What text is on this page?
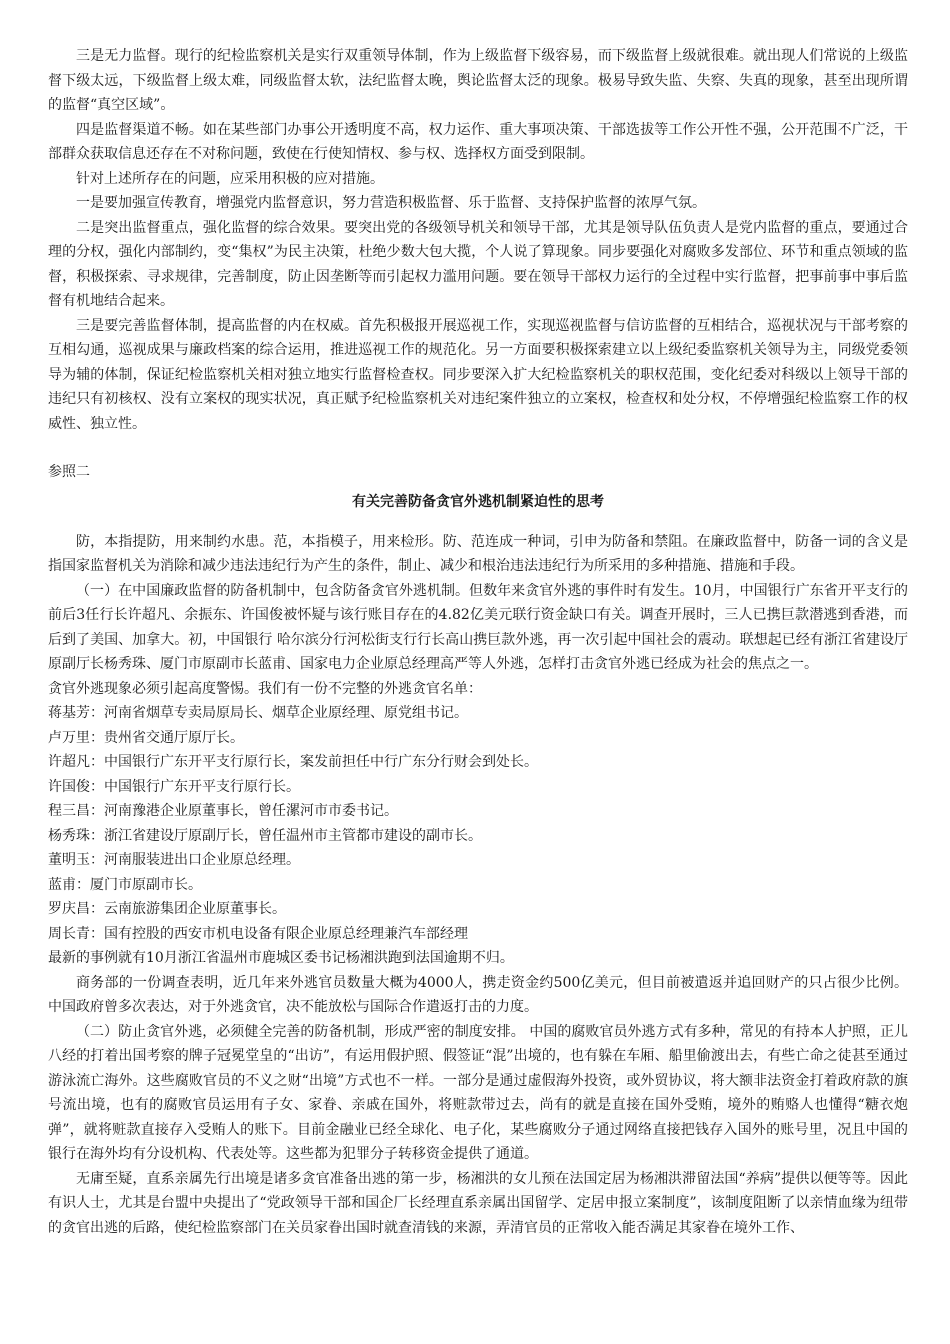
三是无力监督。现行的纪检监察机关是实行双重领导体制，作为上级监督下级容易，而下级监督上级就很难。就出现人们常说的上级监督下级太远，下级监督上级太难，同级监督太软，法纪监督太晚，舆论监督太泛的现象。极易导致失监、失察、失真的现象，甚至出现所谓的监督“真空区域”。

四是监督渠道不畅。如在某些部门办事公开透明度不高，权力运作、重大事项决策、干部选拔等工作公开性不强，公开范围不广泛，干部群众获取信息还存在不对称问题，致使在行使知情权、参与权、选择权方面受到限制。

针对上述所存在的问题，应采用积极的应对措施。

一是要加强宣传教育，增强党内监督意识，努力营造积极监督、乐于监督、支持保护监督的浓厚气氛。

二是突出监督重点，强化监督的综合效果。要突出党的各级领导机关和领导干部，尤其是领导队伍负责人是党内监督的重点，要通过合理的分权，强化内部制约，变“集权”为民主决策，杜绝少数大包大揽，个人说了算现象。同步要强化对腐败多发部位、环节和重点领域的监督，积极探索、寻求规律，完善制度，防止因垄断等而引起权力滥用问题。要在领导干部权力运行的全过程中实行监督，把事前事中事后监督有机地结合起来。

三是要完善监督体制，提高监督的内在权威。首先积极报开展巡视工作，实现巡视监督与信访监督的互相结合，巡视状况与干部考察的互相勾通，巡视成果与廉政档案的综合运用，推进巡视工作的规范化。另一方面要积极探索建立以上级纪委监察机关领导为主，同级党委领导为辅的体制，保证纪检监察机关相对独立地实行监督检查权。同步要深入扩大纪检监察机关的职权范围，变化纪委对科级以上领导干部的违纪只有初核权、没有立案权的现实状况，真正赋予纪检监察机关对违纪案件独立的立案权，检查权和处分权，不停增强纪检监察工作的权威性、独立性。

参照二

有关完善防备贪官外逃机制紧迫性的思考

防，本指提防，用来制约水患。范，本指模子，用来检形。防、范连成一种词，引申为防备和禁阻。在廉政监督中，防备一词的含义是指国家监督机关为消除和减少违法违纪行为产生的条件，制止、减少和根治违法违纪行为所采用的多种措施、措施和手段。

（一）在中国廉政监督的防备机制中，包含防备贪官外逃机制。但数年来贪官外逃的事件时有发生。10月，中国银行广东省开平支行的前后3任行长许超凡、余振东、许国俊被怀疑与该行账目存在的4.82亿美元联行资金缺口有关。调查开展时，三人已携巨款潜逃到香港，而后到了美国、加拿大。初，中国银行 哈尔滨分行河松街支行行长高山携巨款外逃，再一次引起中国社会的震动。联想起已经有浙江省建设厅原副厅长杨秀珠、厦门市原副市长蓝甫、国家电力企业原总经理高严等人外逃，怎样打击贪官外逃已经成为社会的焦点之一。

贪官外逃现象必须引起高度警惕。我们有一份不完整的外逃贪官名单：

蒋基芳：河南省烟草专卖局原局长、烟草企业原经理、原党组书记。

卢万里：贵州省交通厅原厅长。

许超凡：中国银行广东开平支行原行长，案发前担任中行广东分行财会到处长。

许国俊：中国银行广东开平支行原行长。

程三昌：河南豫港企业原董事长，曾任漯河市市委书记。

杨秀珠：浙江省建设厅原副厅长，曾任温州市主管都市建设的副市长。

董明玉：河南服装进出口企业原总经理。

蓝甫：厦门市原副市长。

罗庆昌：云南旅游集团企业原董事长。

周长青：国有控股的西安市机电设备有限企业原总经理兼汽车部经理

最新的事例就有10月浙江省温州市鹿城区委书记杨湘洪跑到法国逾期不归。

商务部的一份调查表明，近几年来外逃官员数量大概为4000人，携走资金约500亿美元，但目前被遣返并追回财产的只占很少比例。中国政府曾多次表达，对于外逃贪官，决不能放松与国际合作遣返打击的力度。

（二）防止贪官外逃，必须健全完善的防备机制，形成严密的制度安排。 中国的腐败官员外逃方式有多种，常见的有持本人护照，正儿八经的打着出国考察的牌子冠冕堂皇的“出访”，有运用假护照、假签证“混”出境的，也有躲在车厢、船里偷渡出去，有些亡命之徒甚至通过游泳流亡海外。这些腐败官员的不义之财“出境”方式也不一样。一部分是通过虚假海外投资，或外贸协议，将大额非法资金打着政府款的旗号流出境，也有的腐败官员运用有子女、家眷、亲戚在国外，将赃款带过去，尚有的就是直接在国外受贿，境外的贿赂人也懂得“糖衣炮弹”，就将赃款直接存入受贿人的账下。目前金融业已经全球化、电子化，某些腐败分子通过网络直接把钱存入国外的账号里，况且中国的银行在海外均有分设机构、代表处等。这些都为犯罪分子转移资金提供了通道。

无庸至疑，直系亲属先行出境是诸多贪官准备出逃的第一步，杨湘洪的女儿预在法国定居为杨湘洪滞留法国“养病”提供以便等等。因此有识人士，尤其是台盟中央提出了“党政领导干部和国企厂长经理直系亲属出国留学、定居申报立案制度”，该制度阻断了以亲情血缘为纽带的贪官出逃的后路，使纪检监察部门在关员家眷出国时就查清钱的来源，弄清官员的正常收入能否满足其家眷在境外工作、
